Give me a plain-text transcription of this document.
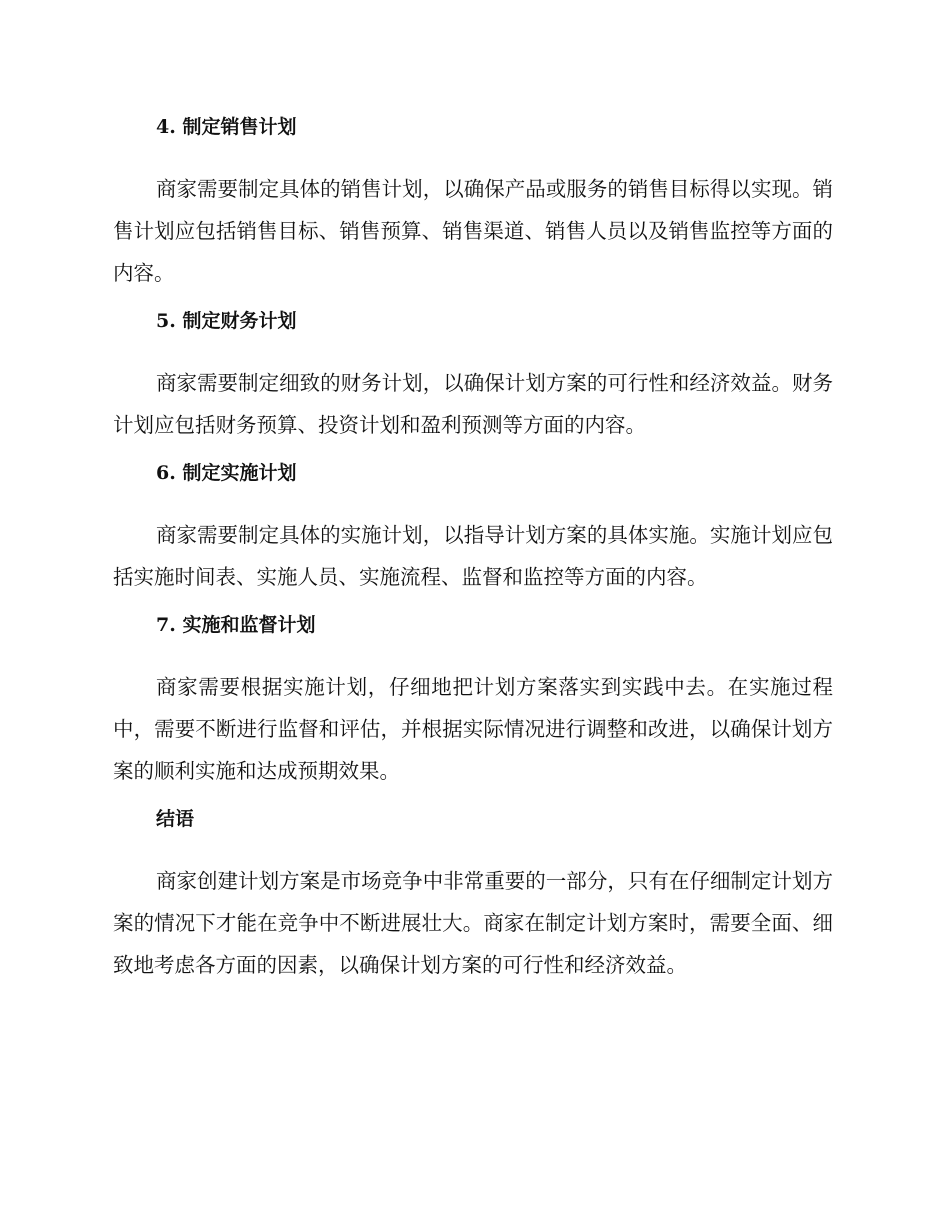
4. 制定销售计划

商家需要制定具体的销售计划，以确保产品或服务的销售目标得以实现。销售计划应包括销售目标、销售预算、销售渠道、销售人员以及销售监控等方面的内容。

5. 制定财务计划

商家需要制定细致的财务计划，以确保计划方案的可行性和经济效益。财务计划应包括财务预算、投资计划和盈利预测等方面的内容。

6. 制定实施计划

商家需要制定具体的实施计划，以指导计划方案的具体实施。实施计划应包括实施时间表、实施人员、实施流程、监督和监控等方面的内容。

7. 实施和监督计划

商家需要根据实施计划，仔细地把计划方案落实到实践中去。在实施过程中，需要不断进行监督和评估，并根据实际情况进行调整和改进，以确保计划方案的顺利实施和达成预期效果。

结语

商家创建计划方案是市场竞争中非常重要的一部分，只有在仔细制定计划方案的情况下才能在竞争中不断进展壮大。商家在制定计划方案时，需要全面、细致地考虑各方面的因素，以确保计划方案的可行性和经济效益。
